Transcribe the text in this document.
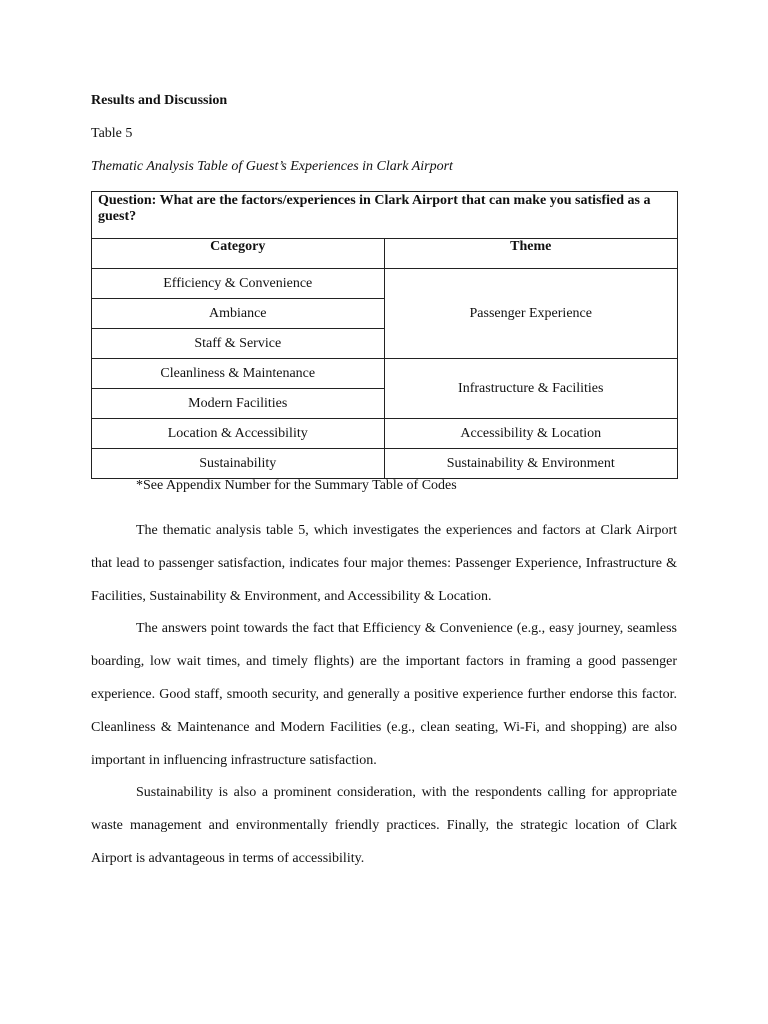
Results and Discussion
Table 5
Thematic Analysis Table of Guest’s Experiences in Clark Airport
Question: What are the factors/experiences in Clark Airport that can make you satisfied as a guest?	
Category	Theme
Efficiency & Convenience	Passenger Experience
Ambiance	
Staff & Service	
Cleanliness & Maintenance	Infrastructure & Facilities
Modern Facilities	
Location & Accessibility	Accessibility & Location
Sustainability	Sustainability & Environment
*See Appendix Number for the Summary Table of Codes

The thematic analysis table 5, which investigates the experiences and factors at Clark Airport that lead to passenger satisfaction, indicates four major themes: Passenger Experience, Infrastructure & Facilities, Sustainability & Environment, and Accessibility & Location.

The answers point towards the fact that Efficiency & Convenience (e.g., easy journey, seamless boarding, low wait times, and timely flights) are the important factors in framing a good passenger experience. Good staff, smooth security, and generally a positive experience further endorse this factor. Cleanliness & Maintenance and Modern Facilities (e.g., clean seating, Wi-Fi, and shopping) are also important in influencing infrastructure satisfaction.

Sustainability is also a prominent consideration, with the respondents calling for appropriate waste management and environmentally friendly practices. Finally, the strategic location of Clark Airport is advantageous in terms of accessibility.
